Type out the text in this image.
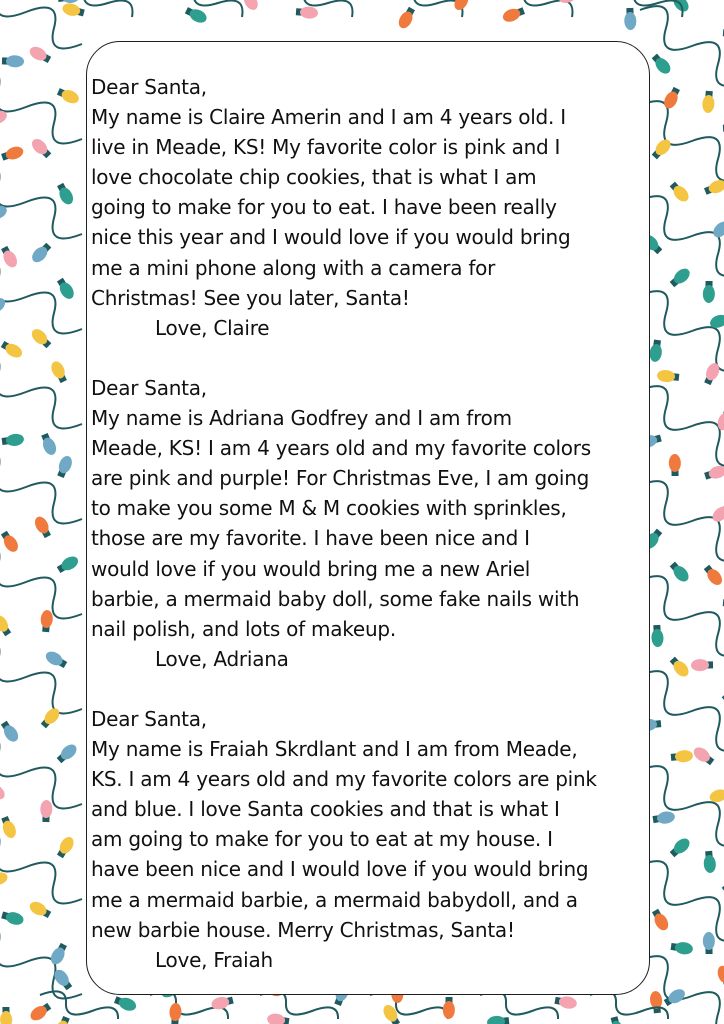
Dear Santa,
My name is Claire Amerin and I am 4 years old. I
live in Meade, KS! My favorite color is pink and I
love chocolate chip cookies, that is what I am
going to make for you to eat. I have been really
nice this year and I would love if you would bring
me a mini phone along with a camera for
Christmas! See you later, Santa!
Love, Claire
Dear Santa,
My name is Adriana Godfrey and I am from
Meade, KS! I am 4 years old and my favorite colors
are pink and purple! For Christmas Eve, I am going
to make you some M & M cookies with sprinkles,
those are my favorite. I have been nice and I
would love if you would bring me a new Ariel
barbie, a mermaid baby doll, some fake nails with
nail polish, and lots of makeup.
Love, Adriana
Dear Santa,
My name is Fraiah Skrdlant and I am from Meade,
KS. I am 4 years old and my favorite colors are pink
and blue. I love Santa cookies and that is what I
am going to make for you to eat at my house. I
have been nice and I would love if you would bring
me a mermaid barbie, a mermaid babydoll, and a
new barbie house. Merry Christmas, Santa!
Love, Fraiah
